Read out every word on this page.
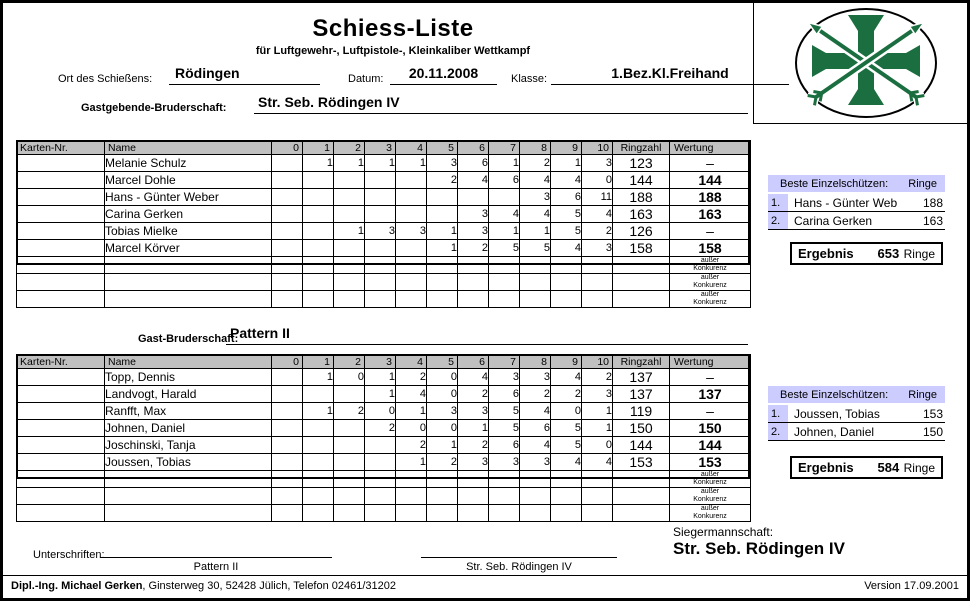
Schiess-Liste
für Luftgewehr-, Luftpistole-, Kleinkaliber Wettkampf
Ort des Schießens:	Rödingen	Datum:	20.11.2008	Klasse:	1.Bez.Kl.Freihand
Gastgebende-Bruderschaft: Str. Seb. Rödingen IV
Karten-Nr.	Name	0	1	2	3	4	5	6	7	8	9	10	Ringzahl	Wertung
	Melanie Schulz		1	1	1	1	3	6	1	2	1	3	123	–
	Marcel Dohle						2	4	6	4	4	0	144	144
	Hans - Günter Weber									3	6	11	188	188
	Carina Gerken							3	4	4	5	4	163	163
	Tobias Mielke			1	3	3	1	3	1	1	5	2	126	–
	Marcel Körver						1	2	5	5	4	3	158	158

														außer
Konkurenz

														außer
Konkurenz

														außer
Konkurenz
Gast-Bruderschaft:
Pattern II
Karten-Nr.	Name	0	1	2	3	4	5	6	7	8	9	10	Ringzahl	Wertung
	Topp, Dennis		1	0	1	2	0	4	3	3	4	2	137	–
	Landvogt, Harald				1	4	0	2	6	2	2	3	137	137
	Ranfft, Max		1	2	0	1	3	3	5	4	0	1	119	–
	Johnen, Daniel				2	0	0	1	5	6	5	1	150	150
	Joschinski, Tanja					2	1	2	6	4	5	0	144	144
	Joussen, Tobias					1	2	3	3	3	4	4	153	153

														außer
Konkurenz

														außer
Konkurenz

														außer
Konkurenz
Beste Einzelschützen: Ringe
1.	Hans - Günter Web	188
2.	Carina Gerken	163
Ergebnis 653 Ringe
Beste Einzelschützen: Ringe
1.	Joussen, Tobias	153
2.	Johnen, Daniel	150
Ergebnis 584 Ringe
Siegermannschaft:
Str. Seb. Rödingen IV
Unterschriften:
Pattern II	Str. Seb. Rödingen IV
Dipl.-Ing. Michael Gerken, Ginsterweg 30, 52428 Jülich, Telefon 02461/31202	Version 17.09.2001
